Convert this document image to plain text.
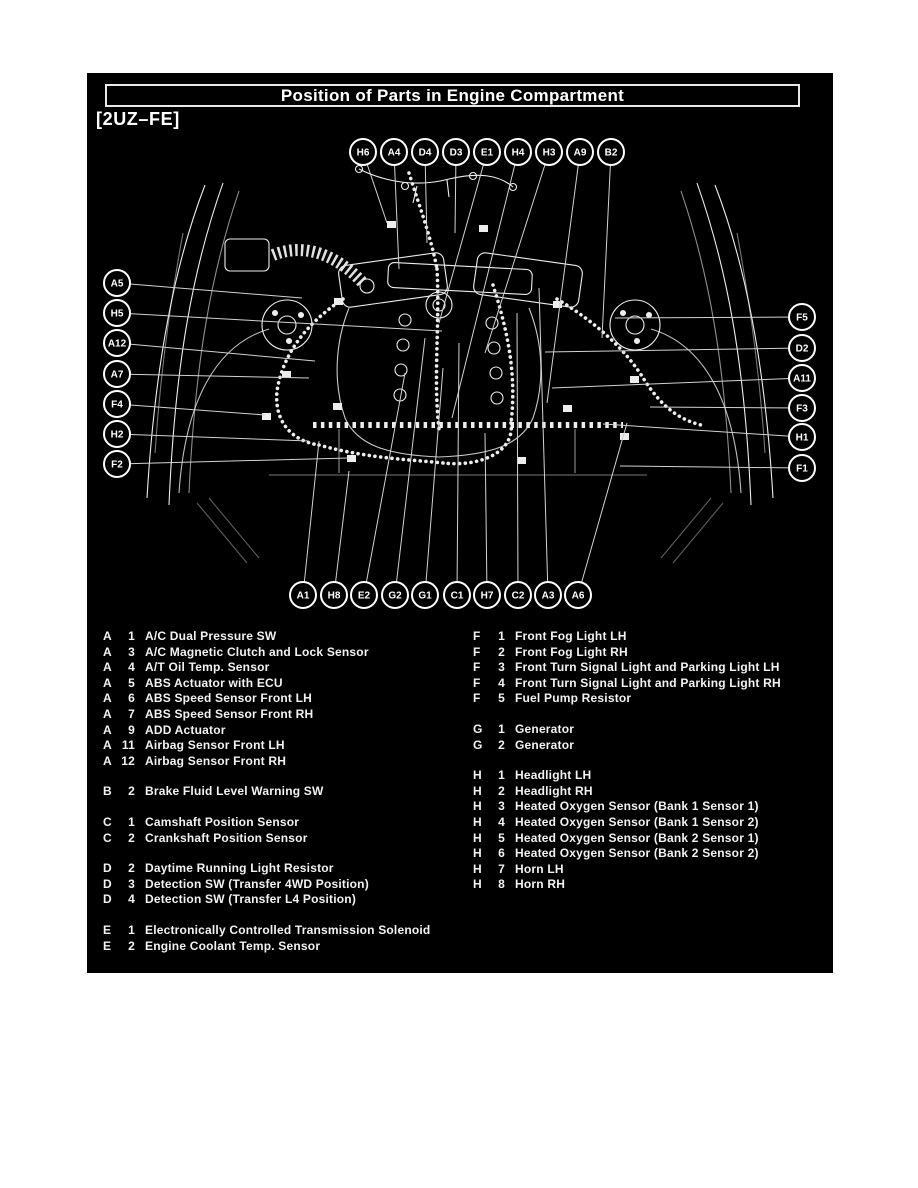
Position of Parts in Engine Compartment
[2UZ–FE]
H6 A4 D4 D3 E1 H4 H3 A9 B2
A5
H5
A12
A7
F4
H2
F2
F5
D2
A11
F3
H1
F1
A1 H8 E2 G2 G1 C1 H7 C2 A3 A6
A	1 A/C Dual Pressure SW
A	3 A/C Magnetic Clutch and Lock Sensor
A	4 A/T Oil Temp. Sensor
A	5 ABS Actuator with ECU
A	6 ABS Speed Sensor Front LH
A	7 ABS Speed Sensor Front RH
A	9 ADD Actuator
A 11 Airbag Sensor Front LH
A 12 Airbag Sensor Front RH
B	2 Brake Fluid Level Warning SW
C	1 Camshaft Position Sensor
C	2 Crankshaft Position Sensor
D	2 Daytime Running Light Resistor
D	3 Detection SW (Transfer 4WD Position)
D	4 Detection SW (Transfer L4 Position)
E	1 Electronically Controlled Transmission Solenoid
E	2 Engine Coolant Temp. Sensor
F	1 Front Fog Light LH
F	2 Front Fog Light RH
F	3 Front Turn Signal Light and Parking Light LH
F	4 Front Turn Signal Light and Parking Light RH
F	5 Fuel Pump Resistor
G	1 Generator
G	2 Generator
H	1 Headlight LH
H	2 Headlight RH
H	3 Heated Oxygen Sensor (Bank 1 Sensor 1)
H	4 Heated Oxygen Sensor (Bank 1 Sensor 2)
H	5 Heated Oxygen Sensor (Bank 2 Sensor 1)
H	6 Heated Oxygen Sensor (Bank 2 Sensor 2)
H	7 Horn LH
H	8 Horn RH
